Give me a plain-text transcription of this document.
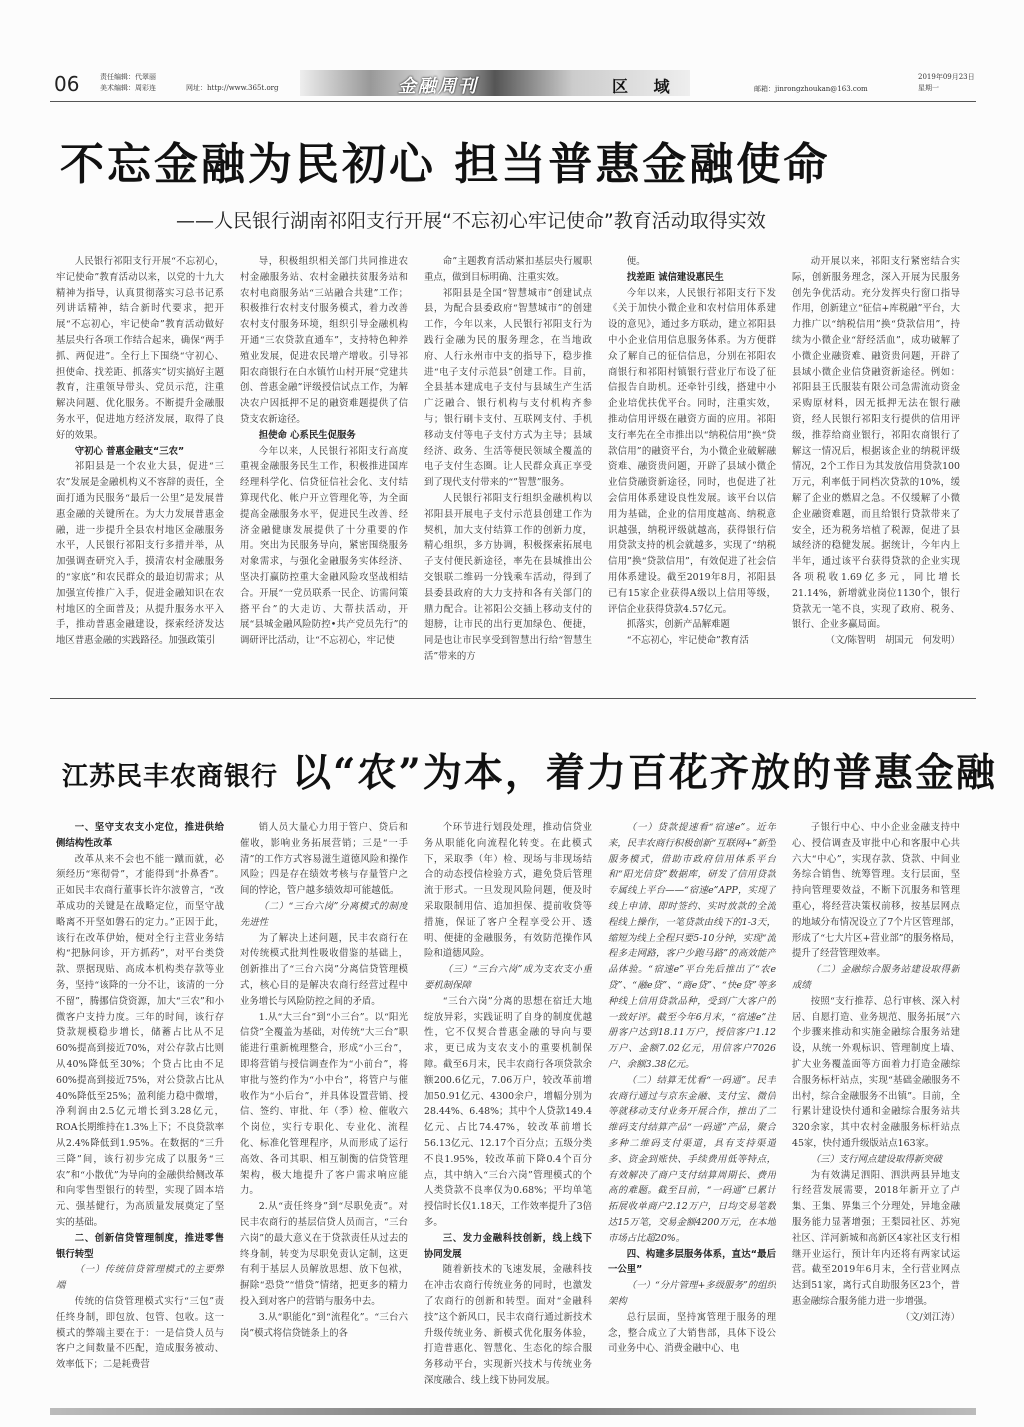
06	责任编辑：代翠丽
美术编辑：周彩连	网址：http://www.365t.org	金融周刊	区 域	邮箱：jinrongzhoukan@163.com
2019年09月23日
星期一
不忘金融为民初心 担当普惠金融使命
——人民银行湖南祁阳支行开展“不忘初心牢记使命”教育活动取得实效

人民银行祁阳支行开展“不忘初心，牢记使命”教育活动以来，以党的十九大精神为指导，认真贯彻落实习总书记系列讲话精神，结合新时代要求，把开展“不忘初心，牢记使命”教育活动做好基层央行各项工作结合起来，确保“两手抓、两促进”。全行上下围绕“守初心、担使命、找差距、抓落实”切实搞好主题教育，注重领导带头、党员示范，注重解决问题、优化服务。不断提升金融服务水平，促进地方经济发展，取得了良好的效果。

守初心 普惠金融支“三农”

祁阳县是一个农业大县，促进“三农”发展是金融机构义不容辞的责任，全面打通为民服务“最后一公里”是发展普惠金融的关键所在。为大力发展普惠金融，进一步提升全县农村地区金融服务水平，人民银行祁阳支行多措并举，从加强调查研究入手，摸清农村金融服务的“家底”和农民群众的最迫切需求；从加强宣传推广入手，促进金融知识在农村地区的全面普及；从提升服务水平入手，推动普惠金融建设，探索经济发达地区普惠金融的实践路径。加强政策引

导，积极组织相关部门共同推进农村金融服务站、农村金融扶贫服务站和农村电商服务站“三站融合共建”工作；积极推行农村支付服务模式，着力改善农村支付服务环境，组织引导金融机构开通“三农贷款直通车”，支持特色种养殖业发展，促进农民增产增收。引导祁阳农商银行在白水镇竹山村开展“党建共创、普惠金融”评级授信试点工作，为解决农户因抵押不足的融资难题提供了信贷支农新途径。

担使命 心系民生促服务

今年以来，人民银行祁阳支行高度重视金融服务民生工作，积极推进国库经理科学化、信贷征信社会化、支付结算现代化、帐户开立管理化等，为全面提高金融服务水平，促进民生改善、经济金融健康发展提供了十分重要的作用。突出为民服务导向，紧密围绕服务对象需求，与强化金融服务实体经济、坚决打赢防控重大金融风险攻坚战相结合。开展“一党员联系一民企、访需问策搭平台”的大走访、大帮扶活动，开展“县城金融风险防控•共产党员先行”的调研评比活动，让“不忘初心，牢记使

命”主题教育活动紧扣基层央行履职重点，做到目标明确、注重实效。

祁阳县是全国“智慧城市”创建试点县，为配合县委政府“智慧城市”的创建工作，今年以来，人民银行祁阳支行为践行金融为民的服务理念，在当地政府、人行永州市中支的指导下，稳步推进“电子支付示范县”创建工作。目前，全县基本建成电子支付与县域生产生活广泛融合、银行机构与支付机构齐参与；银行刷卡支付、互联网支付、手机移动支付等电子支付方式为主导；县域经济、政务、生活等便民领域全覆盖的电子支付生态圈。让人民群众真正享受到了现代支付带来的“”智慧”服务。

人民银行祁阳支行组织金融机构以祁阳县开展电子支付示范县创建工作为契机，加大支付结算工作的创新力度，精心组织，多方协调，积极探索拓展电子支付便民新途径，率先在县城推出公交银联二维码一分钱乘车活动，得到了县委县政府的大力支持和各有关部门的鼎力配合。让祁阳公交插上移动支付的翅膀，让市民的出行更加绿色、便捷，同是也让市民享受到智慧出行给“智慧生活”带来的方

便。

找差距 诚信建设惠民生

今年以来，人民银行祁阳支行下发《关于加快小微企业和农村信用体系建设的意见》，通过多方联动，建立祁阳县中小企业信用信息服务体系。为方便群众了解自己的征信信息，分别在祁阳农商银行和祁阳村镇银行营业厅布设了征信报告自助机。还牵针引线，搭建中小企业培优扶优平台。同时，注重实效，推动信用评级在融资方面的应用。祁阳支行率先在全市推出以“纳税信用”换“贷款信用”的融资平台，为小微企业破解融资难、融资贵问题，开辟了县域小微企业信贷融资新途径，同时，也促进了社会信用体系建设良性发展。该平台以信用为基础，企业的信用度越高、纳税意识越强，纳税评级就越高，获得银行信用贷款支持的机会就越多，实现了“纳税信用”换“贷款信用”，有效促进了社会信用体系建设。截至2019年8月，祁阳县已有15家企业获得A级以上信用等级，评信企业获得贷款4.57亿元。

抓落实，创新产品解难题

“不忘初心，牢记使命”教育活

动开展以来，祁阳支行紧密结合实际，创新服务理念，深入开展为民服务创先争优活动。充分发挥央行窗口指导作用，创新建立“征信+库税融”平台，大力推广以“纳税信用”换“贷款信用”，持续为小微企业“舒经活血”，成功破解了小微企业融资难、融资贵问题，开辟了县域小微企业信贷融资新途径。例如：祁阳县王氏服装有限公司急需流动资金采购原材料，因无抵押无法在银行融资，经人民银行祁阳支行提供的信用评级，推荐给商业银行，祁阳农商银行了解这一情况后，根据该企业的纳税评级情况，2个工作日为其发放信用贷款100万元，利率低于同档次贷款的10%，缓解了企业的燃眉之急。不仅缓解了小微企业融资难题，而且给银行贷款带来了安全，还为税务培植了税源，促进了县域经济的稳健发展。据统计，今年内上半年，通过该平台获得贷款的企业实现各项税收1.69亿多元，同比增长21.14%，新增就业岗位1130个，银行贷款无一笔不良，实现了政府、税务、银行、企业多赢局面。

（文/陈智明　胡国元　何发明）

江苏民丰农商银行 以“农”为本，着力百花齐放的普惠金融

一、坚守支农支小定位，推进供给侧结构性改革

改革从来不会也不能一蹴而就，必须经历“寒彻骨”，才能得到“扑鼻香”。正如民丰农商行董事长许尔波曾言，“改革成功的关键是在战略定位，而坚守战略离不开坚如磐石的定力。”正因于此，该行在改革伊始，便对全行主营业务结构“把脉问诊，开方抓药”，对平台类贷款、票据现贴、高成本机构类存款等业务，坚持“该降的一分不让，该清的一分不留”，腾挪信贷资源，加大“三农”和小微客户支持力度。三年的时间，该行存贷款规模稳步增长，储蓄占比从不足60%提高到接近70%，对公存款占比则从40%降低至30%；个贷占比由不足60%提高到接近75%，对公贷款占比从40%降低至25%；盈利能力稳中微增，净利润由2.5亿元增长到3.28亿元，ROA长期维持在1.3%上下；不良贷款率从2.4%降低到1.95%。在数据的“三升三降”间，该行初步完成了以服务“三农”和“小散优”为导向的金融供给侧改革和向零售型银行的转型，实现了固本培元、强基健行，为高质量发展奠定了坚实的基础。

二、创新信贷管理制度，推进零售银行转型

（一）传统信贷管理模式的主要弊端

传统的信贷管理模式实行“三包”责任终身制，即包放、包管、包收。这一模式的弊端主要在于：一是信贷人员与客户之间数量不匹配，造成服务被动、效率低下；二是耗费营

销人员大量心力用于管户、贷后和催收，影响业务拓展营销；三是“一手清”的工作方式容易滋生道德风险和操作风险；四是存在绩效考核与存量管户之间的悖论，管户越多绩效却可能越低。

（二）“三台六岗”分离模式的制度先进性

为了解决上述问题，民丰农商行在对传统模式批判性吸收借鉴的基础上，创新推出了“三台六岗”分离信贷管理模式，核心目的是解决农商行经营过程中业务增长与风险防控之间的矛盾。

1.从“大三台”到“小三台”。以“阳光信贷”全覆盖为基础，对传统“大三台”职能进行重新梳理整合，形成“小三台”，即将营销与授信调查作为“小前台”，将审批与签约作为“小中台”，将管户与催收作为“小后台”，并具体设置营销、授信、签约、审批、年（季）检、催收六个岗位，实行专职化、专业化、流程化、标准化管理程序，从而形成了运行高效、各司其职、相互制衡的信贷管理架构，极大地提升了客户需求响应能力。

2.从“责任终身”到“尽职免责”。对民丰农商行的基层信贷人员而言，“三台六岗”的最大意义在于贷款责任从过去的终身制，转变为尽职免责认定制，这更有利于基层人员解放思想、放下包袱，摒除“恐贷”“惜贷”情绪，把更多的精力投入到对客户的营销与服务中去。

3.从“职能化”到“流程化”。“三台六岗”模式将信贷链条上的各

个环节进行划段处理，推动信贷业务从职能化向流程化转变。在此模式下，采取季（年）检、现场与非现场结合的动态授信检验方式，避免贷后管理流于形式。一旦发现风险问题，便及时采取限制用信、追加担保、提前收贷等措施，保证了客户全程享受公开、透明、便捷的金融服务，有效防范操作风险和道德风险。

（三）“三台六岗”成为支农支小重要机制保障

“三台六岗”分离的思想在宿迁大地绽放异彩，实践证明了自身的制度优越性，它不仅契合普惠金融的导向与要求，更已成为支农支小的重要机制保障。截至6月末，民丰农商行各项贷款余额200.6亿元，7.06万户，较改革前增加50.91亿元、4300余户，增幅分别为28.44%、6.48%；其中个人贷款149.4亿元、占比74.47%，较改革前增长56.13亿元、12.17个百分点；五级分类不良1.95%，较改革前下降0.4个百分点，其中纳入“三台六岗”管理模式的个人类贷款不良率仅为0.68%；平均单笔授信时长仅1.18天，工作效率提升了3倍多。

三、发力金融科技创新，线上线下协同发展

随着新技术的飞速发展，金融科技在冲击农商行传统业务的同时，也激发了农商行的创新和转型。面对“金融科技”这个新风口，民丰农商行通过新技术升级传统业务、新模式优化服务体验，打造普惠化、智慧化、生态化的综合服务移动平台，实现新兴技术与传统业务深度融合、线上线下协同发展。

（一）贷款提速看“宿速e”。近年来，民丰农商行积极创新“互联网+”新型服务模式，借助市政府信用体系平台和“阳光信贷”数据库，研发了信用贷款专属线上平台——“宿速e”APP，实现了线上申请、即时签约、实时放款的全流程线上操作，一笔贷款由线下的1-3天，缩短为线上全程只要5-10分钟，实现“流程多走网路，客户少跑马路”的高效能产品体验。“宿速e”平台先后推出了“农e贷”、“融e贷”、“商e贷”、“快e贷”等多种线上信用贷款品种，受到广大客户的一致好评。截至今年6月末，“宿速e”注册客户达到18.11万户，授信客户1.12万户、金额7.02亿元，用信客户7026户、余额3.38亿元。

（二）结算无忧看“一码通”。民丰农商行通过与京东金融、支付宝、微信等就移动支付业务开展合作，推出了二维码支付结算产品“一码通”产品，聚合多种二维码支付渠道，具有支持渠道多、资金到账快、手续费用低等特点，有效解决了商户支付结算周期长、费用高的难题。截至目前，“一码通”已累计拓展收单商户2.12万户，日均交易笔数达15万笔，交易金额4200万元，在本地市场占比超20%。

四、构建多层服务体系，直达“最后一公里”

（一）“分片管理+多级服务”的组织架构

总行层面，坚持寓管理于服务的理念，整合成立了大销售部，具体下设公司业务中心、消费金融中心、电

子银行中心、中小企业金融支持中心、授信调查及审批中心和客服中心共六大“中心”，实现存款、贷款、中间业务综合销售、统筹管理。支行层面，坚持向管理要效益，不断下沉服务和管理重心，将经营决策权前移，按基层网点的地域分布情况设立了7个片区管理部，形成了“七大片区+营业部”的服务格局，提升了经营管理效率。

（二）金融综合服务站建设取得新成绩

按照“支行推荐、总行审核、深入村居、自愿打造、业务规范、服务拓展”六个步骤来推动和实施金融综合服务站建设，从统一外观标识、管理制度上墙、扩大业务覆盖面等方面着力打造金融综合服务标杆站点，实现“基础金融服务不出村，综合金融服务不出镇”。目前，全行累计建设快付通和金融综合服务站共320余家，其中农村金融服务标杆站点45家，快付通升级版站点163家。

（三）支行网点建设取得新突破

为有效满足泗阳、泗洪两县异地支行经营发展需要，2018年新开立了卢集、王集、界集三个分理处，异地金融服务能力显著增强；王梨园社区、苏宛社区、洋河新城和高新区4家社区支行相继开业运行，预计年内还将有两家试运营。截至2019年6月末，全行营业网点达到51家，离行式自助服务区23个，普惠金融综合服务能力进一步增强。

（文/刘江涛）
